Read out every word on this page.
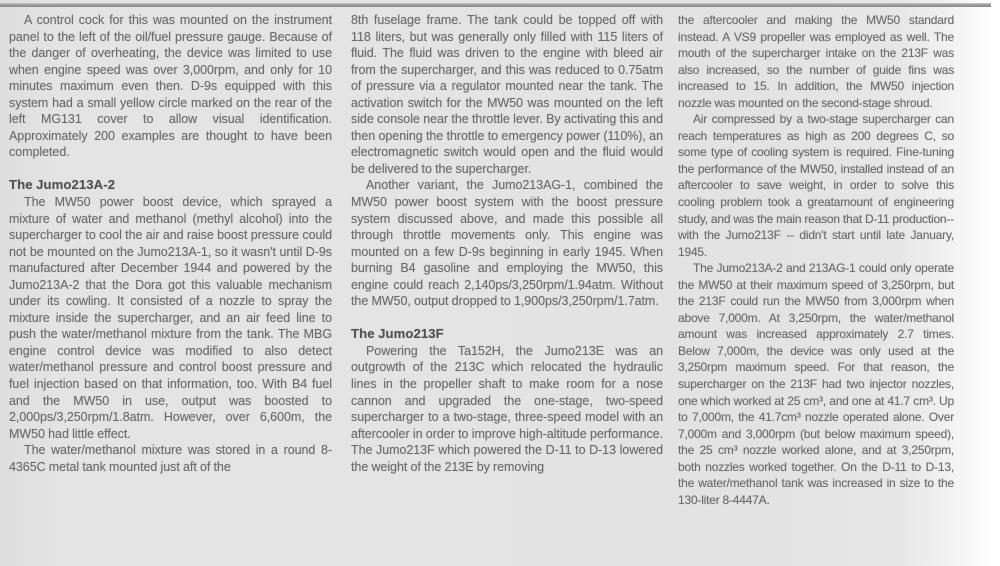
A control cock for this was mounted on the instrument panel to the left of the oil/fuel pressure gauge. Because of the danger of overheating, the device was limited to use when engine speed was over 3,000rpm, and only for 10 minutes maximum even then. D-9s equipped with this system had a small yellow circle marked on the rear of the left MG131 cover to allow visual identification. Approximately 200 examples are thought to have been completed.

The Jumo213A-2

The MW50 power boost device, which sprayed a mixture of water and methanol (methyl alcohol) into the supercharger to cool the air and raise boost pressure could not be mounted on the Jumo213A-1, so it wasn't until D-9s manufactured after December 1944 and powered by the Jumo213A-2 that the Dora got this valuable mechanism under its cowling. It consisted of a nozzle to spray the mixture inside the supercharger, and an air feed line to push the water/methanol mixture from the tank. The MBG engine control device was modified to also detect water/methanol pressure and control boost pressure and fuel injection based on that information, too. With B4 fuel and the MW50 in use, output was boosted to 2,000ps/3,250rpm/1.8atm. However, over 6,600m, the MW50 had little effect.

The water/methanol mixture was stored in a round 8-4365C metal tank mounted just aft of the

8th fuselage frame. The tank could be topped off with 118 liters, but was generally only filled with 115 liters of fluid. The fluid was driven to the engine with bleed air from the supercharger, and this was reduced to 0.75atm of pressure via a regulator mounted near the tank. The activation switch for the MW50 was mounted on the left side console near the throttle lever. By activating this and then opening the throttle to emergency power (110%), an electromagnetic switch would open and the fluid would be delivered to the supercharger.

Another variant, the Jumo213AG-1, combined the MW50 power boost system with the boost pressure system discussed above, and made this possible all through throttle movements only. This engine was mounted on a few D-9s beginning in early 1945. When burning B4 gasoline and employing the MW50, this engine could reach 2,140ps/3,250rpm/1.94atm. Without the MW50, output dropped to 1,900ps/3,250rpm/1.7atm.

The Jumo213F

Powering the Ta152H, the Jumo213E was an outgrowth of the 213C which relocated the hydraulic lines in the propeller shaft to make room for a nose cannon and upgraded the one-stage, two-speed supercharger to a two-stage, three-speed model with an aftercooler in order to improve high-altitude performance. The Jumo213F which powered the D-11 to D-13 lowered the weight of the 213E by removing

the aftercooler and making the MW50 standard instead. A VS9 propeller was employed as well. The mouth of the supercharger intake on the 213F was also increased, so the number of guide fins was increased to 15. In addition, the MW50 injection nozzle was mounted on the second-stage shroud.

Air compressed by a two-stage supercharger can reach temperatures as high as 200 degrees C, so some type of cooling system is required. Fine-tuning the performance of the MW50, installed instead of an aftercooler to save weight, in order to solve this cooling problem took a greatamount of engineering study, and was the main reason that D-11 production-- with the Jumo213F -- didn't start until late January, 1945.

The Jumo213A-2 and 213AG-1 could only operate the MW50 at their maximum speed of 3,250rpm, but the 213F could run the MW50 from 3,000rpm when above 7,000m. At 3,250rpm, the water/methanol amount was increased approximately 2.7 times. Below 7,000m, the device was only used at the 3,250rpm maximum speed. For that reason, the supercharger on the 213F had two injector nozzles, one which worked at 25 cm³, and one at 41.7 cm³. Up to 7,000m, the 41.7cm³ nozzle operated alone. Over 7,000m and 3,000rpm (but below maximum speed), the 25 cm³ nozzle worked alone, and at 3,250rpm, both nozzles worked together. On the D-11 to D-13, the water/methanol tank was increased in size to the 130-liter 8-4447A.
